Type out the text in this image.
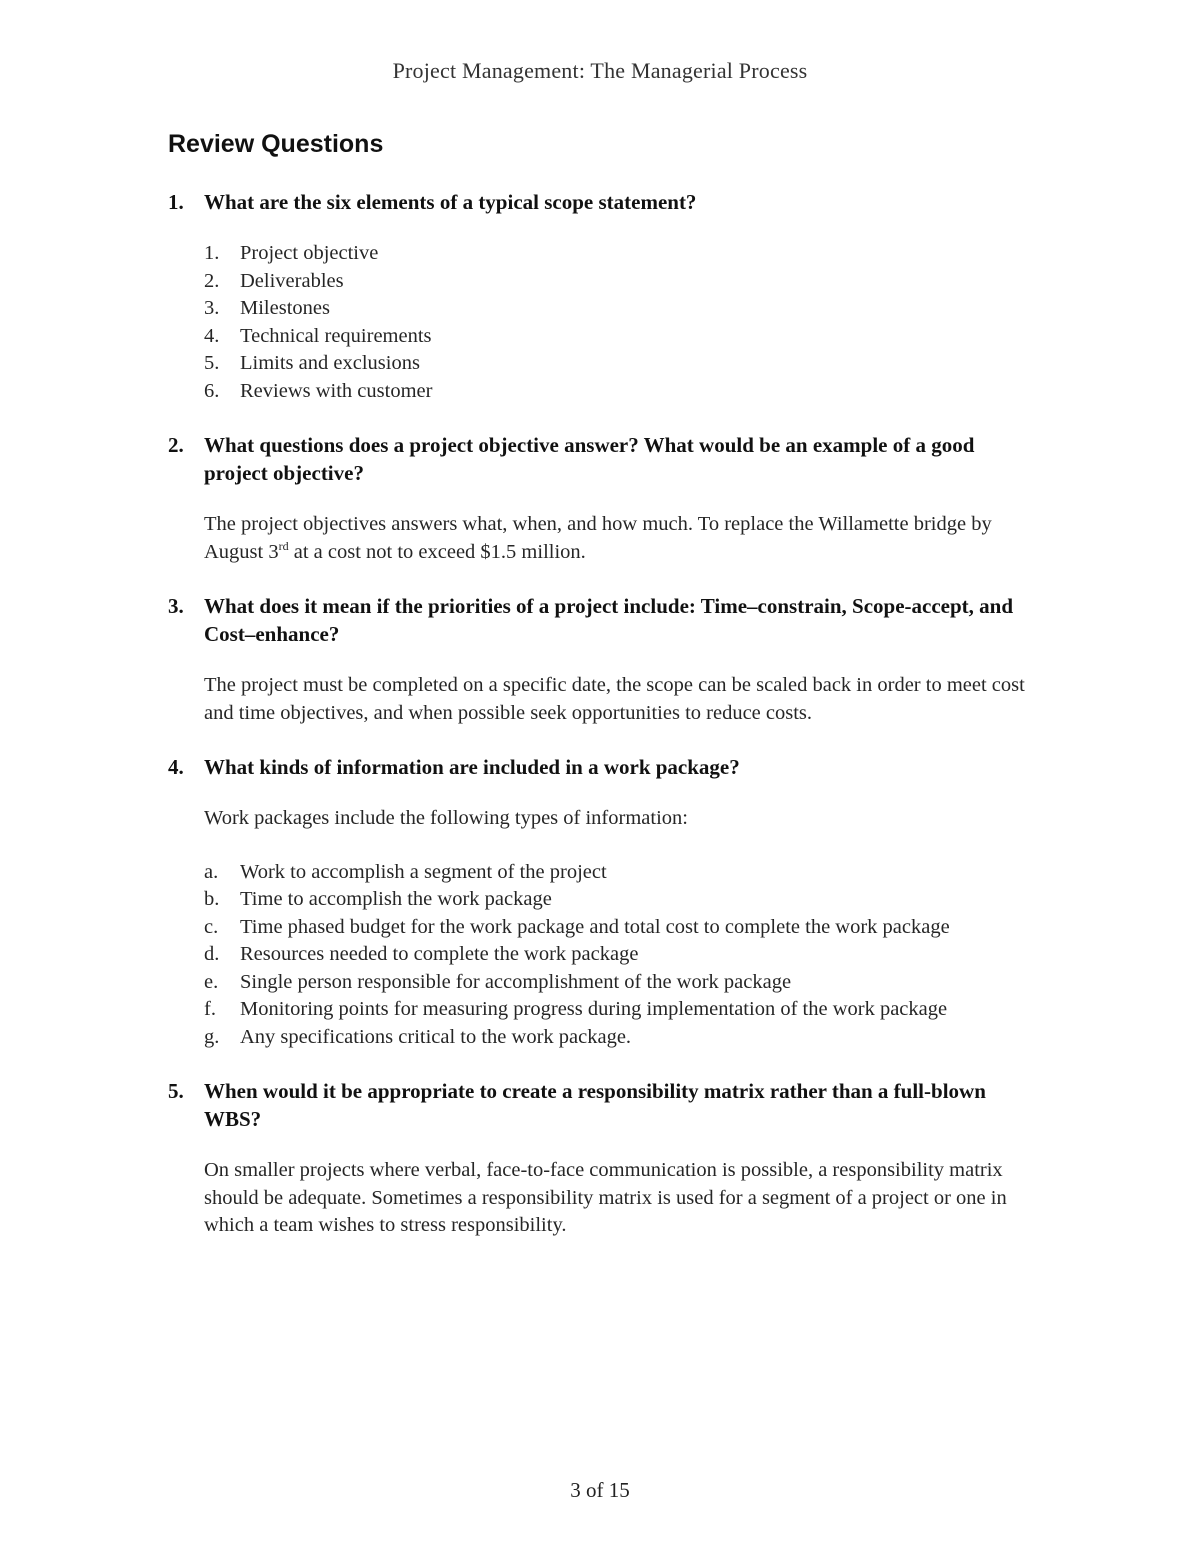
Project Management: The Managerial Process
Review Questions
1. What are the six elements of a typical scope statement?
1.	Project objective
2.	Deliverables
3.	Milestones
4.	Technical requirements
5.	Limits and exclusions
6.	Reviews with customer
2. What questions does a project objective answer? What would be an example of a good project objective?

The project objectives answers what, when, and how much. To replace the Willamette bridge by August 3rd at a cost not to exceed $1.5 million.

3. What does it mean if the priorities of a project include: Time–constrain, Scope-accept, and Cost–enhance?

The project must be completed on a specific date, the scope can be scaled back in order to meet cost and time objectives, and when possible seek opportunities to reduce costs.

4. What kinds of information are included in a work package?

Work packages include the following types of information:

a.	Work to accomplish a segment of the project
b.	Time to accomplish the work package
c.	Time phased budget for the work package and total cost to complete the work package
d.	Resources needed to complete the work package
e.	Single person responsible for accomplishment of the work package
f.	Monitoring points for measuring progress during implementation of the work package
g.	Any specifications critical to the work package.
5. When would it be appropriate to create a responsibility matrix rather than a full-blown WBS?

On smaller projects where verbal, face-to-face communication is possible, a responsibility matrix should be adequate. Sometimes a responsibility matrix is used for a segment of a project or one in which a team wishes to stress responsibility.

3 of 15
